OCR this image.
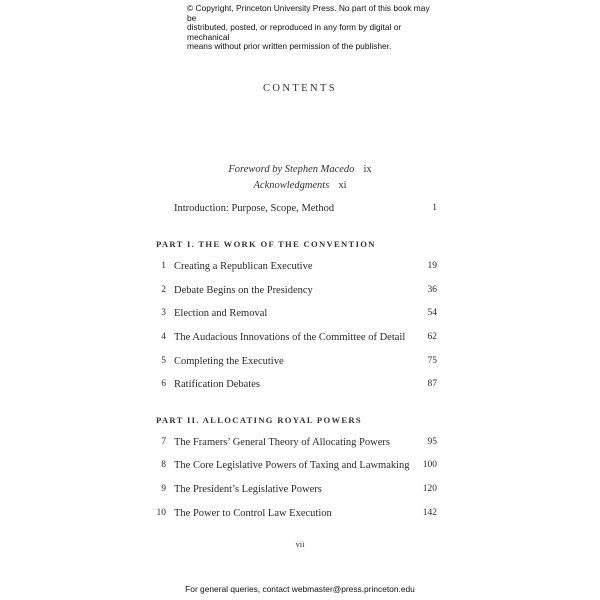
© Copyright, Princeton University Press. No part of this book may be
distributed, posted, or reproduced in any form by digital or mechanical
means without prior written permission of the publisher.
CONTENTS
Foreword by Stephen Macedo ix
Acknowledgments xi
Introduction: Purpose, Scope, Method	1
PART I. THE WORK OF THE CONVENTION
1 Creating a Republican Executive	19
2 Debate Begins on the Presidency	36
3 Election and Removal	54
4 The Audacious Innovations of the Committee of Detail 62
5 Completing the Executive	75
6 Ratification Debates	87
PART II. ALLOCATING ROYAL POWERS
7 The Framers’ General Theory of Allocating Powers	95
8 The Core Legislative Powers of Taxing and Lawmaking 100
9 The President’s Legislative Powers	120
10 The Power to Control Law Execution	142
vii
For general queries, contact webmaster@press.princeton.edu
